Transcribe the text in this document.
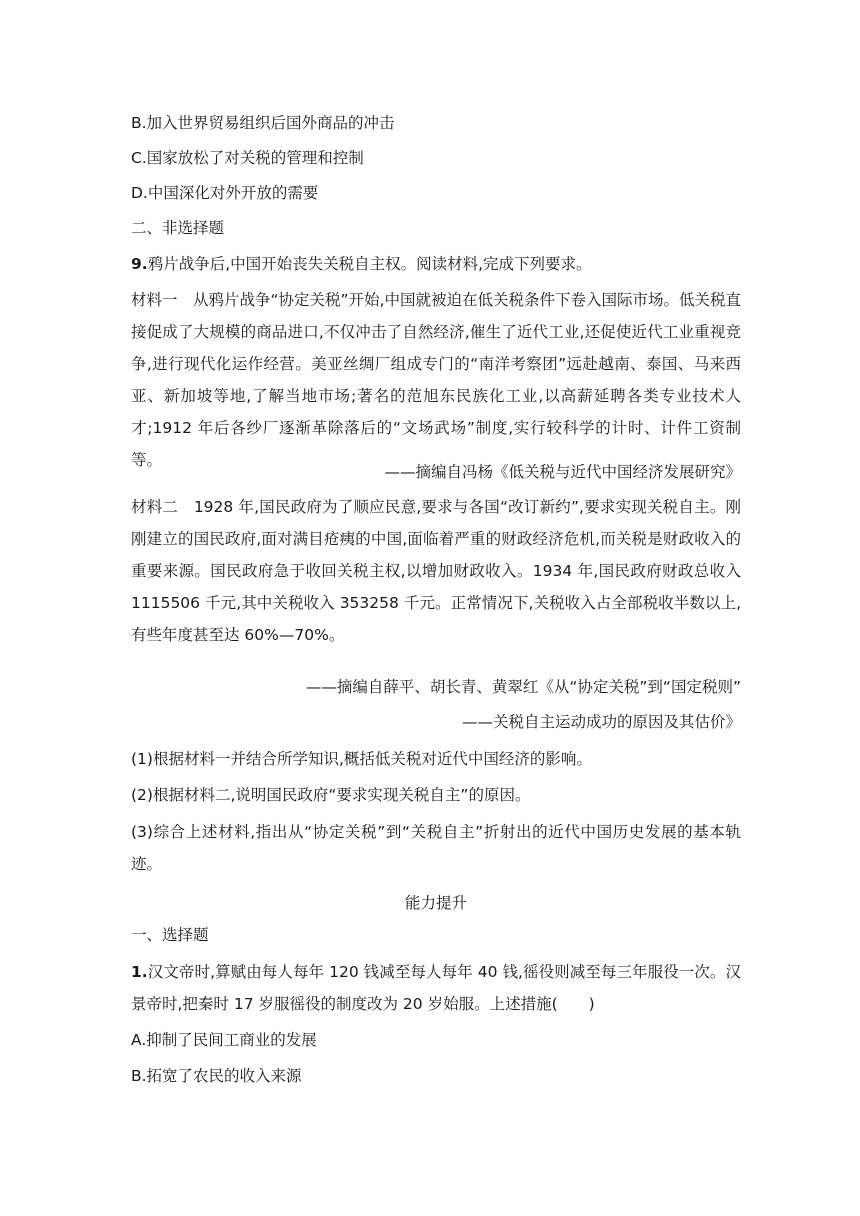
B.加入世界贸易组织后国外商品的冲击
C.国家放松了对关税的管理和控制
D.中国深化对外开放的需要
二、非选择题
9.鸦片战争后,中国开始丧失关税自主权。阅读材料,完成下列要求。
材料一　从鸦片战争“协定关税”开始,中国就被迫在低关税条件下卷入国际市场。低关税直接促成了大规模的商品进口,不仅冲击了自然经济,催生了近代工业,还促使近代工业重视竞争,进行现代化运作经营。美亚丝绸厂组成专门的“南洋考察团”远赴越南、泰国、马来西亚、新加坡等地,了解当地市场;著名的范旭东民族化工业,以高薪延聘各类专业技术人才;1912 年后各纱厂逐渐革除落后的“文场武场”制度,实行较科学的计时、计件工资制等。
——摘编自冯杨《低关税与近代中国经济发展研究》
材料二　1928 年,国民政府为了顺应民意,要求与各国“改订新约”,要求实现关税自主。刚刚建立的国民政府,面对满目疮痍的中国,面临着严重的财政经济危机,而关税是财政收入的重要来源。国民政府急于收回关税主权,以增加财政收入。1934 年,国民政府财政总收入1115506 千元,其中关税收入 353258 千元。正常情况下,关税收入占全部税收半数以上,有些年度甚至达 60%—70%。
——摘编自薛平、胡长青、黄翠红《从“协定关税”到“国定税则”
——关税自主运动成功的原因及其估价》
(1)根据材料一并结合所学知识,概括低关税对近代中国经济的影响。
(2)根据材料二,说明国民政府“要求实现关税自主”的原因。
(3)综合上述材料,指出从“协定关税”到“关税自主”折射出的近代中国历史发展的基本轨迹。
能力提升
一、选择题
1.汉文帝时,算赋由每人每年 120 钱减至每人每年 40 钱,徭役则减至每三年服役一次。汉景帝时,把秦时 17 岁服徭役的制度改为 20 岁始服。上述措施(　　)
A.抑制了民间工商业的发展
B.拓宽了农民的收入来源
